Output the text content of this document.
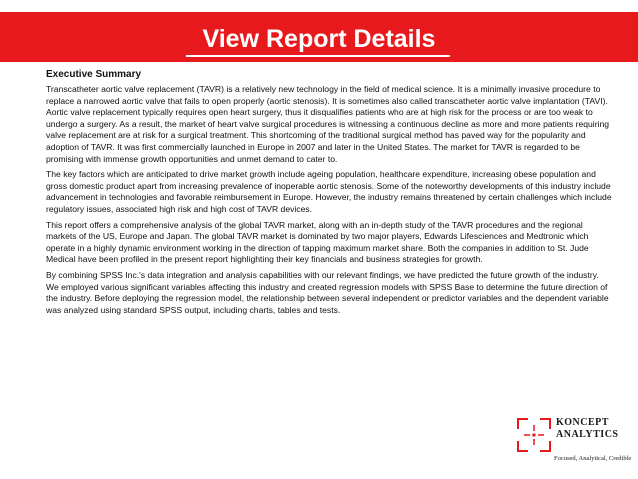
View Report Details
Executive Summary

Transcatheter aortic valve replacement (TAVR) is a relatively new technology in the field of medical science. It is a minimally invasive procedure to replace a narrowed aortic valve that fails to open properly (aortic stenosis). It is sometimes also called transcatheter aortic valve implantation (TAVI). Aortic valve replacement typically requires open heart surgery, thus it disqualifies patients who are at high risk for the process or are too weak to undergo a surgery. As a result, the market of heart valve surgical procedures is witnessing a continuous decline as more and more patients requiring valve replacement are at risk for a surgical treatment. This shortcoming of the traditional surgical method has paved way for the popularity and adoption of TAVR. It was first commercially launched in Europe in 2007 and later in the United States. The market for TAVR is regarded to be promising with immense growth opportunities and unmet demand to cater to.

The key factors which are anticipated to drive market growth include ageing population, healthcare expenditure, increasing obese population and gross domestic product apart from increasing prevalence of inoperable aortic stenosis. Some of the noteworthy developments of this industry include advancement in technologies and favorable reimbursement in Europe. However, the industry remains threatened by certain challenges which include regulatory issues, associated high risk and high cost of TAVR devices.

This report offers a comprehensive analysis of the global TAVR market, along with an in-depth study of the TAVR procedures and the regional markets of the US, Europe and Japan. The global TAVR market is dominated by two major players, Edwards Lifesciences and Medtronic which operate in a highly dynamic environment working in the direction of tapping maximum market share. Both the companies in addition to St. Jude Medical have been profiled in the present report highlighting their key financials and business strategies for growth.

By combining SPSS Inc.'s data integration and analysis capabilities with our relevant findings, we have predicted the future growth of the industry. We employed various significant variables affecting this industry and created regression models with SPSS Base to determine the future direction of the industry. Before deploying the regression model, the relationship between several independent or predictor variables and the dependent variable was analyzed using standard SPSS output, including charts, tables and tests.

KONCEPT
ANALYTICS
Focused, Analytical, Credible
